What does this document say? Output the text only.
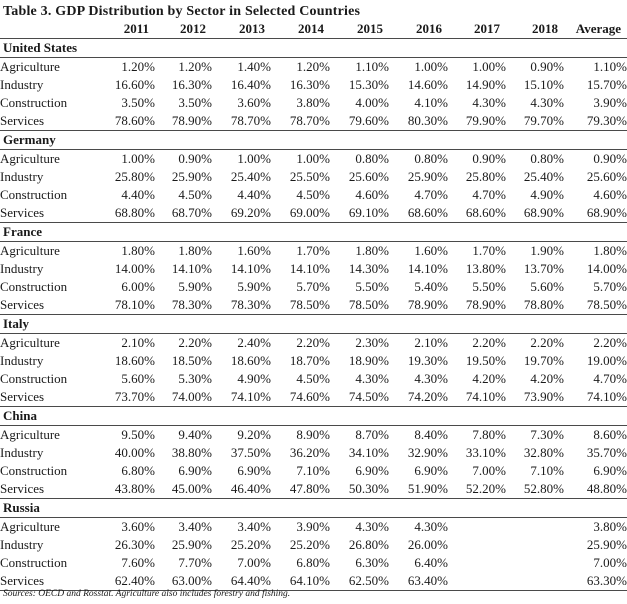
Table 3. GDP Distribution by Sector in Selected Countries
	2011	2012	2013	2014	2015	2016	2017	2018	Average
United States									
Agriculture	1.20%	1.20%	1.40%	1.20%	1.10%	1.00%	1.00%	0.90%	1.10%
Industry	16.60%	16.30%	16.40%	16.30%	15.30%	14.60%	14.90%	15.10%	15.70%
Construction	3.50%	3.50%	3.60%	3.80%	4.00%	4.10%	4.30%	4.30%	3.90%
Services	78.60%	78.90%	78.70%	78.70%	79.60%	80.30%	79.90%	79.70%	79.30%
Germany									
Agriculture	1.00%	0.90%	1.00%	1.00%	0.80%	0.80%	0.90%	0.80%	0.90%
Industry	25.80%	25.90%	25.40%	25.50%	25.60%	25.90%	25.80%	25.40%	25.60%
Construction	4.40%	4.50%	4.40%	4.50%	4.60%	4.70%	4.70%	4.90%	4.60%
Services	68.80%	68.70%	69.20%	69.00%	69.10%	68.60%	68.60%	68.90%	68.90%
France									
Agriculture	1.80%	1.80%	1.60%	1.70%	1.80%	1.60%	1.70%	1.90%	1.80%
Industry	14.00%	14.10%	14.10%	14.10%	14.30%	14.10%	13.80%	13.70%	14.00%
Construction	6.00%	5.90%	5.90%	5.70%	5.50%	5.40%	5.50%	5.60%	5.70%
Services	78.10%	78.30%	78.30%	78.50%	78.50%	78.90%	78.90%	78.80%	78.50%
Italy									
Agriculture	2.10%	2.20%	2.40%	2.20%	2.30%	2.10%	2.20%	2.20%	2.20%
Industry	18.60%	18.50%	18.60%	18.70%	18.90%	19.30%	19.50%	19.70%	19.00%
Construction	5.60%	5.30%	4.90%	4.50%	4.30%	4.30%	4.20%	4.20%	4.70%
Services	73.70%	74.00%	74.10%	74.60%	74.50%	74.20%	74.10%	73.90%	74.10%
China									
Agriculture	9.50%	9.40%	9.20%	8.90%	8.70%	8.40%	7.80%	7.30%	8.60%
Industry	40.00%	38.80%	37.50%	36.20%	34.10%	32.90%	33.10%	32.80%	35.70%
Construction	6.80%	6.90%	6.90%	7.10%	6.90%	6.90%	7.00%	7.10%	6.90%
Services	43.80%	45.00%	46.40%	47.80%	50.30%	51.90%	52.20%	52.80%	48.80%
Russia									
Agriculture	3.60%	3.40%	3.40%	3.90%	4.30%	4.30%			3.80%
Industry	26.30%	25.90%	25.20%	25.20%	26.80%	26.00%			25.90%
Construction	7.60%	7.70%	7.00%	6.80%	6.30%	6.40%			7.00%
Services	62.40%	63.00%	64.40%	64.10%	62.50%	63.40%			63.30%
Sources: OECD and Rosstat. Agriculture also includes forestry and fishing.
